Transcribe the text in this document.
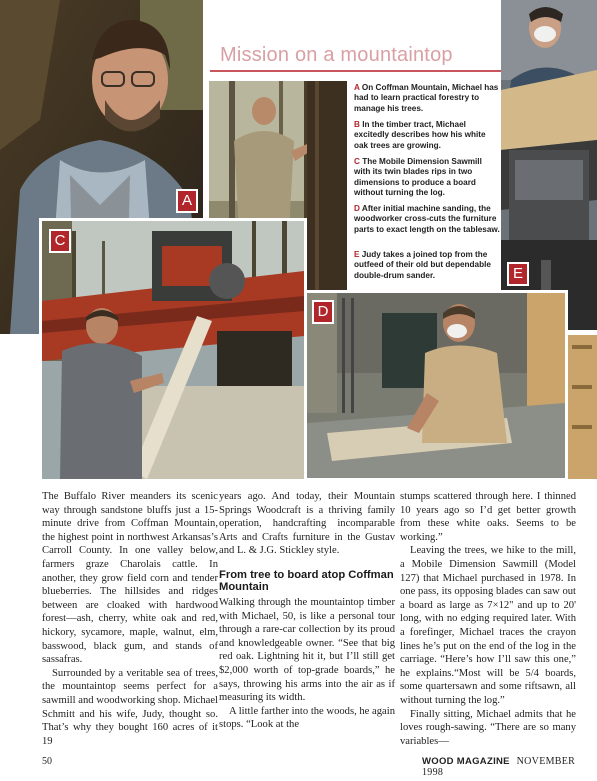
A
Mission on a mountaintop
A On Coffman Mountain, Michael has had to learn practical forestry to manage his trees.
B In the timber tract, Michael excitedly describes how his white oak trees are growing.
C The Mobile Dimension Sawmill with its twin blades rips in two dimensions to produce a board without turning the log.
D After initial machine sanding, the woodworker cross-cuts the furniture parts to exact length on the tablesaw.
E Judy takes a joined top from the outfeed of their old but dependable double-drum sander.	E
C
D

The Buffalo River meanders its scenic way through sandstone bluffs just a 15-minute drive from Coffman Mountain, the highest point in northwest Arkansas’s Carroll County. In one valley below, farmers graze Charolais cattle. In another, they grow field corn and tender blueberries. The hillsides and ridges between are cloaked with hardwood forest—ash, cherry, white oak and red, hickory, sycamore, maple, walnut, elm, basswood, black gum, and stands of sassafras.

Surrounded by a veritable sea of trees, the mountaintop seems perfect for a sawmill and woodworking shop. Michael Schmitt and his wife, Judy, thought so. That’s why they bought 160 acres of it 19

years ago. And today, their Mountain Springs Woodcraft is a thriving family operation, handcrafting incomparable Arts and Crafts furniture in the Gustav and L. & J.G. Stickley style.

From tree to board atop Coffman Mountain

Walking through the mountaintop timber with Michael, 50, is like a personal tour through a rare-car collection by its proud and knowledgeable owner. “See that big red oak. Lightning hit it, but I’ll still get $2,000 worth of top-grade boards,” he says, throwing his arms into the air as if measuring its width.

A little farther into the woods, he again stops. “Look at the

stumps scattered through here. I thinned 10 years ago so I’d get better growth from these white oaks. Seems to be working.”

Leaving the trees, we hike to the mill, a Mobile Dimension Sawmill (Model 127) that Michael purchased in 1978. In one pass, its opposing blades can saw out a board as large as 7×12" and up to 20' long, with no edging required later. With a forefinger, Michael traces the crayon lines he’s put on the end of the log in the carriage. “Here’s how I’ll saw this one,” he explains.“Most will be 5/4 boards, some quartersawn and some riftsawn, all without turning the log.”

Finally sitting, Michael admits that he loves rough-sawing. “There are so many variables—

50	WOOD MAGAZINE NOVEMBER 1998
